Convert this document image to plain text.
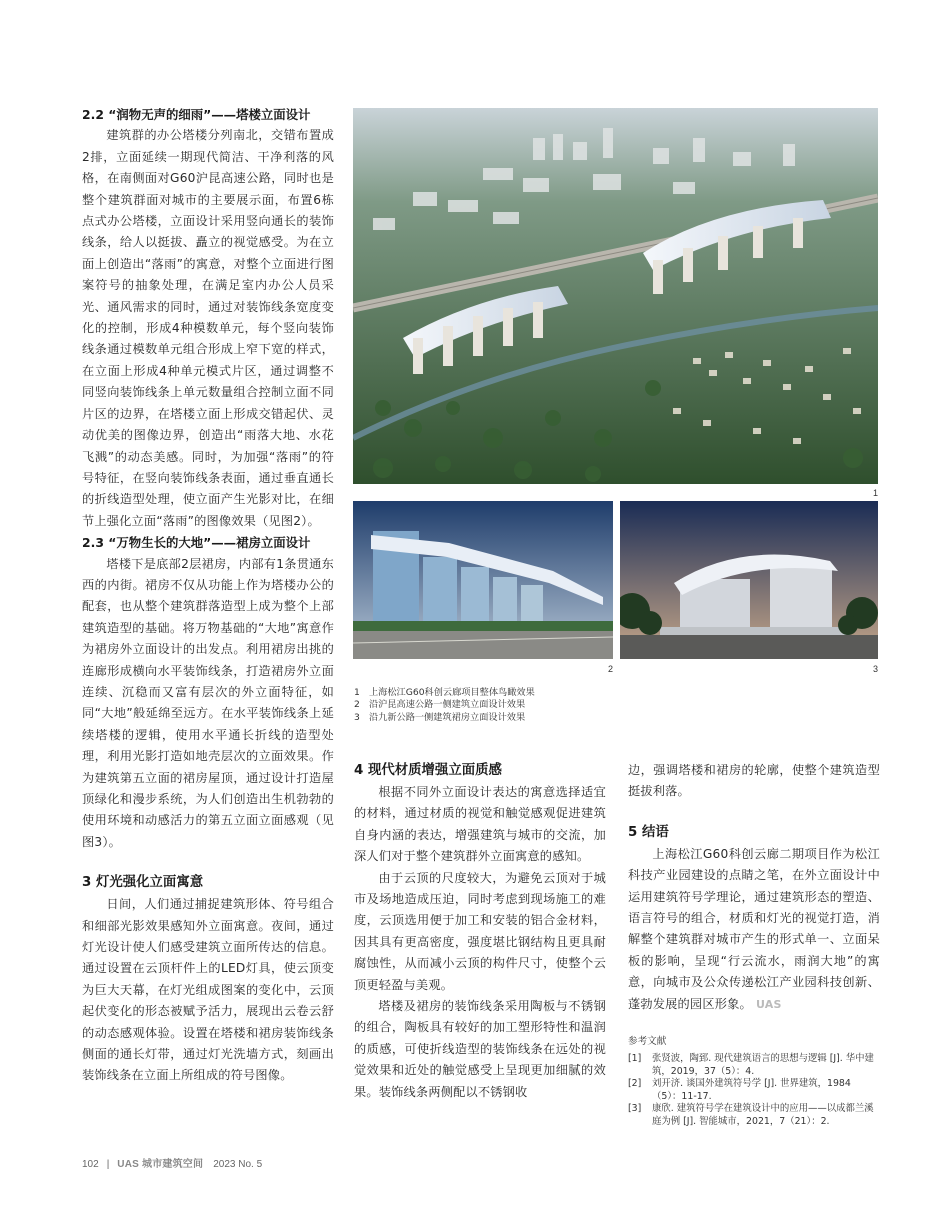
2.2 “润物无声的细雨”——塔楼立面设计

建筑群的办公塔楼分列南北，交错布置成2排，立面延续一期现代简洁、干净利落的风格，在南侧面对G60沪昆高速公路，同时也是整个建筑群面对城市的主要展示面，布置6栋点式办公塔楼，立面设计采用竖向通长的装饰线条，给人以挺拔、矗立的视觉感受。为在立面上创造出“落雨”的寓意，对整个立面进行图案符号的抽象处理，在满足室内办公人员采光、通风需求的同时，通过对装饰线条宽度变化的控制，形成4种模数单元，每个竖向装饰线条通过模数单元组合形成上窄下宽的样式，在立面上形成4种单元模式片区，通过调整不同竖向装饰线条上单元数量组合控制立面不同片区的边界，在塔楼立面上形成交错起伏、灵动优美的图像边界，创造出“雨落大地、水花飞溅”的动态美感。同时，为加强“落雨”的符号特征，在竖向装饰线条表面，通过垂直通长的折线造型处理，使立面产生光影对比，在细节上强化立面“落雨”的图像效果（见图2）。

2.3 “万物生长的大地”——裙房立面设计

塔楼下是底部2层裙房，内部有1条贯通东西的内街。裙房不仅从功能上作为塔楼办公的配套，也从整个建筑群落造型上成为整个上部建筑造型的基础。将万物基础的“大地”寓意作为裙房外立面设计的出发点。利用裙房出挑的连廊形成横向水平装饰线条，打造裙房外立面连续、沉稳而又富有层次的外立面特征，如同“大地”般延绵至远方。在水平装饰线条上延续塔楼的逻辑，使用水平通长折线的造型处理，利用光影打造如地壳层次的立面效果。作为建筑第五立面的裙房屋顶，通过设计打造屋顶绿化和漫步系统，为人们创造出生机勃勃的使用环境和动感活力的第五立面立面感观（见图3）。

3 灯光强化立面寓意

日间，人们通过捕捉建筑形体、符号组合和细部光影效果感知外立面寓意。夜间，通过灯光设计使人们感受建筑立面所传达的信息。通过设置在云顶杆件上的LED灯具，使云顶变为巨大天幕，在灯光组成图案的变化中，云顶起伏变化的形态被赋予活力，展现出云卷云舒的动态感观体验。设置在塔楼和裙房装饰线条侧面的通长灯带，通过灯光洗墙方式，刻画出装饰线条在立面上所组成的符号图像。

1
2	3
1 上海松江G60科创云廊项目整体鸟瞰效果
2 沿沪昆高速公路一侧建筑立面设计效果
3 沿九新公路一侧建筑裙房立面设计效果

4 现代材质增强立面质感

根据不同外立面设计表达的寓意选择适宜的材料，通过材质的视觉和触觉感观促进建筑自身内涵的表达，增强建筑与城市的交流，加深人们对于整个建筑群外立面寓意的感知。

由于云顶的尺度较大，为避免云顶对于城市及场地造成压迫，同时考虑到现场施工的难度，云顶选用便于加工和安装的铝合金材料，因其具有更高密度，强度堪比钢结构且更具耐腐蚀性，从而减小云顶的构件尺寸，使整个云顶更轻盈与美观。

塔楼及裙房的装饰线条采用陶板与不锈钢的组合，陶板具有较好的加工塑形特性和温润的质感，可使折线造型的装饰线条在远处的视觉效果和近处的触觉感受上呈现更加细腻的效果。装饰线条两侧配以不锈钢收

边，强调塔楼和裙房的轮廓，使整个建筑造型挺拔利落。

5 结语

上海松江G60科创云廊二期项目作为松江科技产业园建设的点睛之笔，在外立面设计中运用建筑符号学理论，通过建筑形态的塑造、语言符号的组合，材质和灯光的视觉打造，消解整个建筑群对城市产生的形式单一、立面呆板的影响，呈现“行云流水，雨润大地”的寓意，向城市及公众传递松江产业园科技创新、蓬勃发展的园区形象。 UAS

参考文献

[1]	张贤波，陶郅. 现代建筑语言的思想与逻辑 [J]. 华中建筑，2019，37（5）：4.
[2]	刘开济. 谈国外建筑符号学 [J]. 世界建筑，1984（5）：11-17.
[3]	康欣. 建筑符号学在建筑设计中的应用——以成都兰溪庭为例 [J]. 智能城市，2021，7（21）：2.
102 | UAS 城市建筑空间 2023 No. 5
